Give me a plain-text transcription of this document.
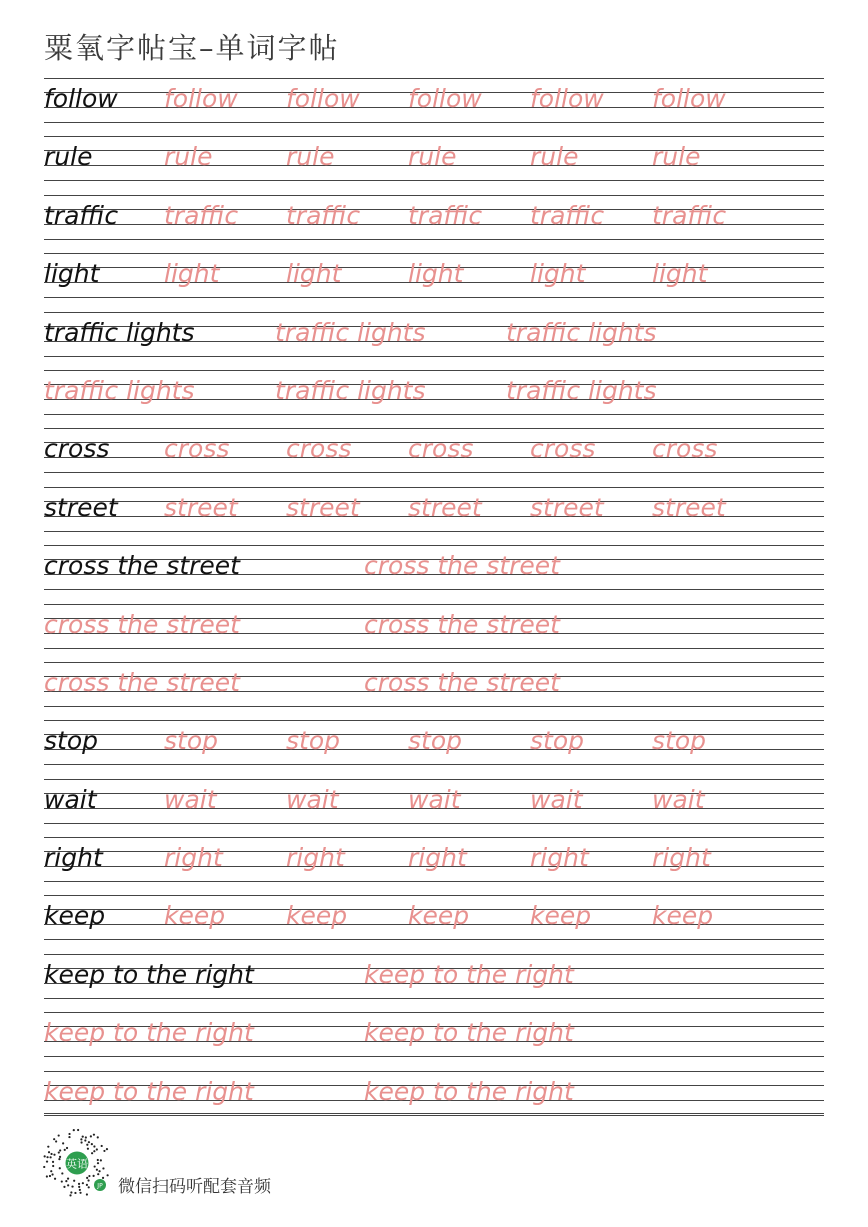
粟氧字帖宝–单词字帖
follow follow follow follow follow follow
rule	rule	rule	rule	rule	rule
traffic traffic traffic traffic traffic traffic
light	light	light	light	light	light
traffic lights	traffic lights	traffic lights
traffic lights	traffic lights	traffic lights
cross cross cross cross cross cross
street street street street street street
cross the street	cross the street
cross the street	cross the street
cross the street	cross the street
stop	stop	stop	stop	stop	stop
wait	wait	wait	wait	wait	wait
right right	right	right	right	right
keep keep keep keep keep keep
keep to the right	keep to the right
keep to the right	keep to the right
keep to the right	keep to the right
英语
JP 微信扫码听配套音频
